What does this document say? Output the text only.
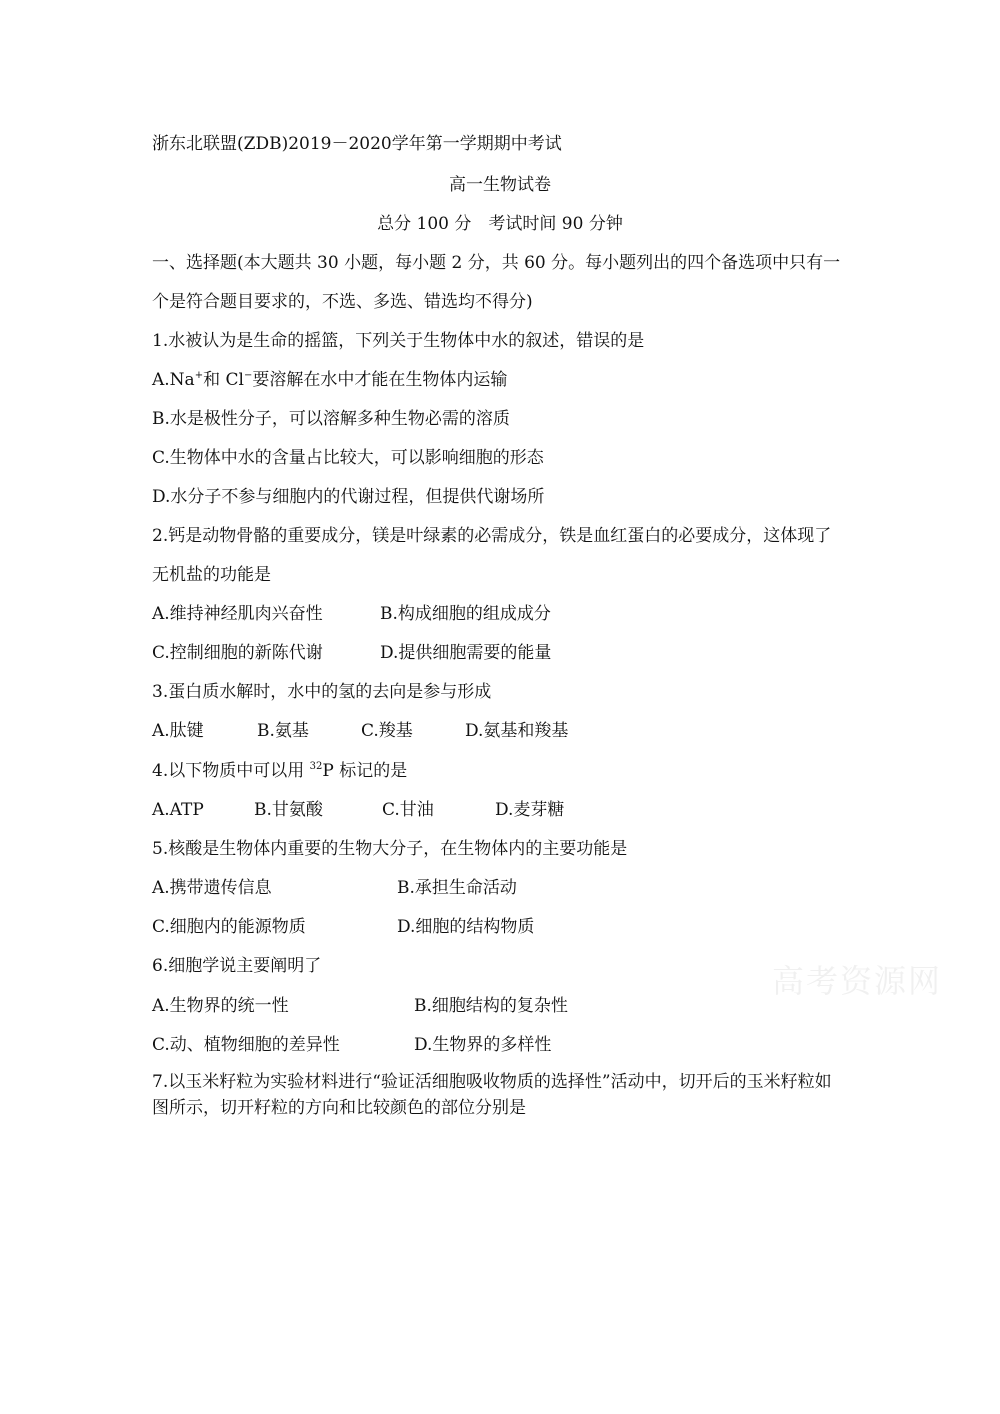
浙东北联盟(ZDB)2019－2020学年第一学期期中考试
高一生物试卷
总分 100 分　考试时间 90 分钟
一、选择题(本大题共 30 小题，每小题 2 分，共 60 分。每小题列出的四个备选项中只有一
个是符合题目要求的，不选、多选、错选均不得分)
1.水被认为是生命的摇篮，下列关于生物体中水的叙述，错误的是
A.Na+和 Cl−要溶解在水中才能在生物体内运输
B.水是极性分子，可以溶解多种生物必需的溶质
C.生物体中水的含量占比较大，可以影响细胞的形态
D.水分子不参与细胞内的代谢过程，但提供代谢场所
2.钙是动物骨骼的重要成分，镁是叶绿素的必需成分，铁是血红蛋白的必要成分，这体现了
无机盐的功能是
A.维持神经肌肉兴奋性	B.构成细胞的组成成分
C.控制细胞的新陈代谢	D.提供细胞需要的能量
3.蛋白质水解时，水中的氢的去向是参与形成
A.肽键	B.氨基	C.羧基	D.氨基和羧基
4.以下物质中可以用 $^{32}$P 标记的是
A.ATP	B.甘氨酸	C.甘油	D.麦芽糖
5.核酸是生物体内重要的生物大分子，在生物体内的主要功能是
A.携带遗传信息	B.承担生命活动
C.细胞内的能源物质	D.细胞的结构物质
6.细胞学说主要阐明了
A.生物界的统一性	B.细胞结构的复杂性
C.动、植物细胞的差异性	D.生物界的多样性
7.以玉米籽粒为实验材料进行“验证活细胞吸收物质的选择性”活动中，切开后的玉米籽粒如
图所示，切开籽粒的方向和比较颜色的部位分别是
高考资源网
